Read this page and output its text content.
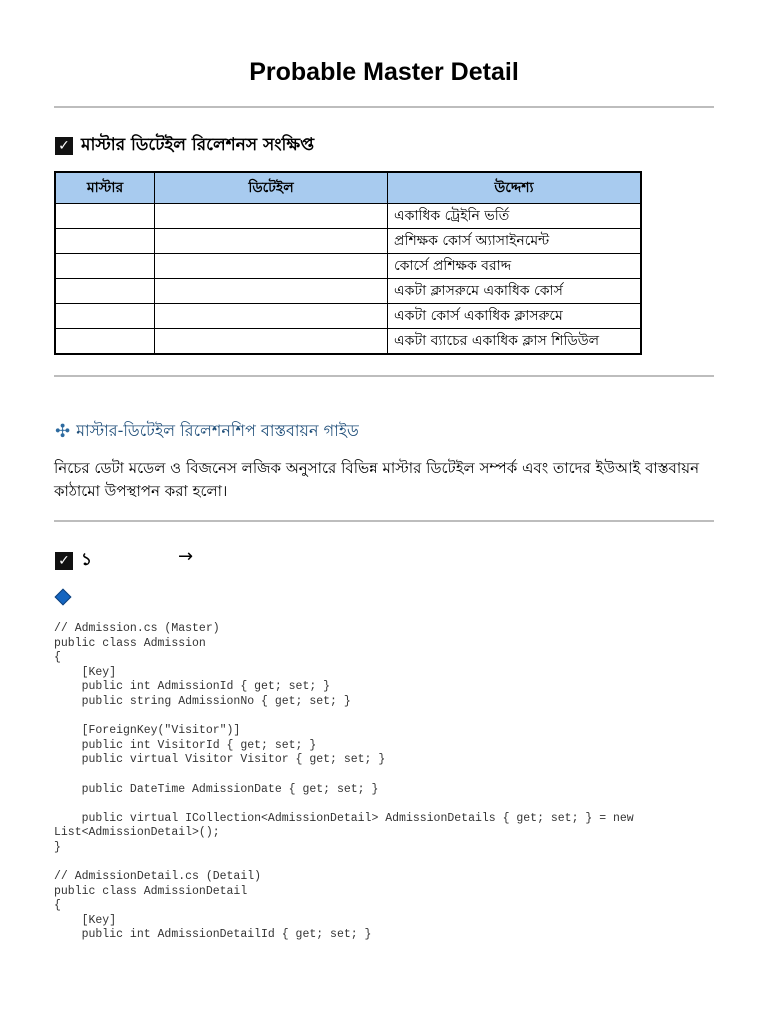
Probable Master Detail
✓ মাস্টার ডিটেইল রিলেশনস সংক্ষিপ্ত
মাস্টার	ডিটেইল	উদ্দেশ্য
		একাধিক ট্রেইনি ভর্তি
		প্রশিক্ষক কোর্স অ্যাসাইনমেন্ট
		কোর্সে প্রশিক্ষক বরাদ্দ
		একটা ক্লাসরুমে একাধিক কোর্স
		একটা কোর্স একাধিক ক্লাসরুমে
		একটা ব্যাচের একাধিক ক্লাস শিডিউল
✣ মাস্টার-ডিটেইল রিলেশনশিপ বাস্তবায়ন গাইড
নিচের ডেটা মডেল ও বিজনেস লজিক অনুসারে বিভিন্ন মাস্টার ডিটেইল সম্পর্ক এবং তাদের ইউআই বাস্তবায়ন কাঠামো উপস্থাপন করা হলো।
✓ ১	→
// Admission.cs (Master)
public class Admission
{
[Key]
public int AdmissionId { get; set; }
public string AdmissionNo { get; set; }

[ForeignKey("Visitor")]
public int VisitorId { get; set; }
public virtual Visitor Visitor { get; set; }

public DateTime AdmissionDate { get; set; }

public virtual ICollection<AdmissionDetail> AdmissionDetails { get; set; } = new
List<AdmissionDetail>();
}

// AdmissionDetail.cs (Detail)
public class AdmissionDetail
{
[Key]
public int AdmissionDetailId { get; set; }
